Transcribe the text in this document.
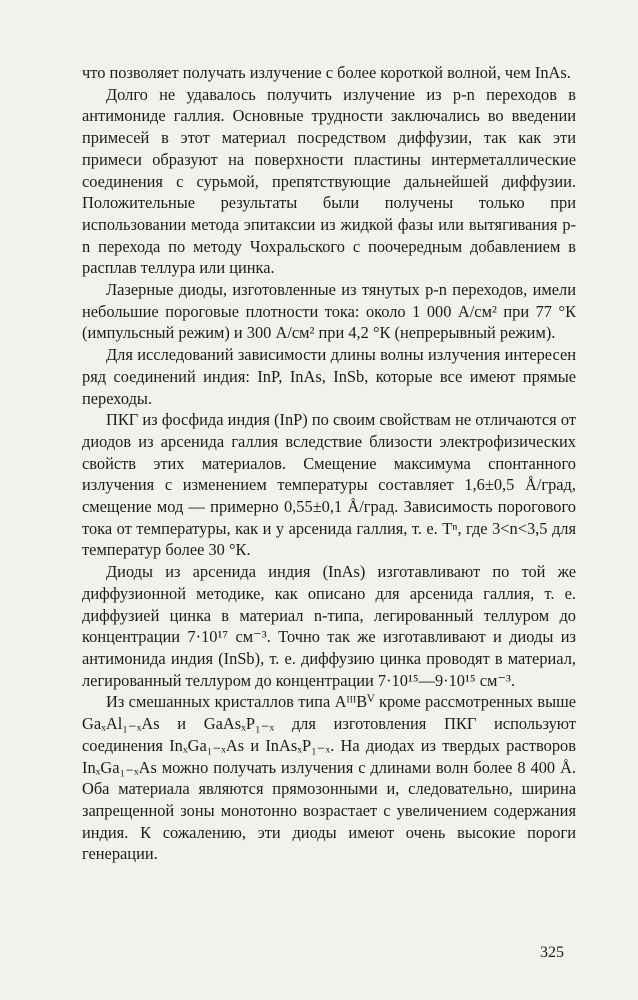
что позволяет получать излучение с более короткой волной, чем InAs.

Долго не удавалось получить излучение из p-n переходов в антимониде галлия. Основные трудности заключались во введении примесей в этот материал посредством диффузии, так как эти примеси образуют на поверхности пластины интерметаллические соединения с сурьмой, препятствующие дальнейшей диффузии. Положительные результаты были получены только при использовании метода эпитаксии из жидкой фазы или вытягивания p-n перехода по методу Чохральского с поочередным добавлением в расплав теллура или цинка.

Лазерные диоды, изготовленные из тянутых p-n переходов, имели небольшие пороговые плотности тока: около 1 000 А/см² при 77 °К (импульсный режим) и 300 А/см² при 4,2 °К (непрерывный режим).

Для исследований зависимости длины волны излучения интересен ряд соединений индия: InP, InAs, InSb, которые все имеют прямые переходы.

ПКГ из фосфида индия (InP) по своим свойствам не отличаются от диодов из арсенида галлия вследствие близости электрофизических свойств этих материалов. Смещение максимума спонтанного излучения с изменением температуры составляет 1,6±0,5 Å/град, смещение мод — примерно 0,55±0,1 Å/град. Зависимость порогового тока от температуры, как и у арсенида галлия, т. е. Tⁿ, где 3<n<3,5 для температур более 30 °К.

Диоды из арсенида индия (InAs) изготавливают по той же диффузионной методике, как описано для арсенида галлия, т. е. диффузией цинка в материал n-типа, легированный теллуром до концентрации 7·10¹⁷ см⁻³. Точно так же изготавливают и диоды из антимонида индия (InSb), т. е. диффузию цинка проводят в материал, легированный теллуром до концентрации 7·10¹⁵—9·10¹⁵ см⁻³.

Из смешанных кристаллов типа AᴵᴵᴵBⱽ кроме рассмотренных выше GaₓAl₁₋ₓAs и GaAsₓP₁₋ₓ для изготовления ПКГ используют соединения InₓGa₁₋ₓAs и InAsₓP₁₋ₓ. На диодах из твердых растворов InₓGa₁₋ₓAs можно получать излучения с длинами волн более 8 400 Å. Оба материала являются прямозонными и, следовательно, ширина запрещенной зоны монотонно возрастает с увеличением содержания индия. К сожалению, эти диоды имеют очень высокие пороги генерации.

325
